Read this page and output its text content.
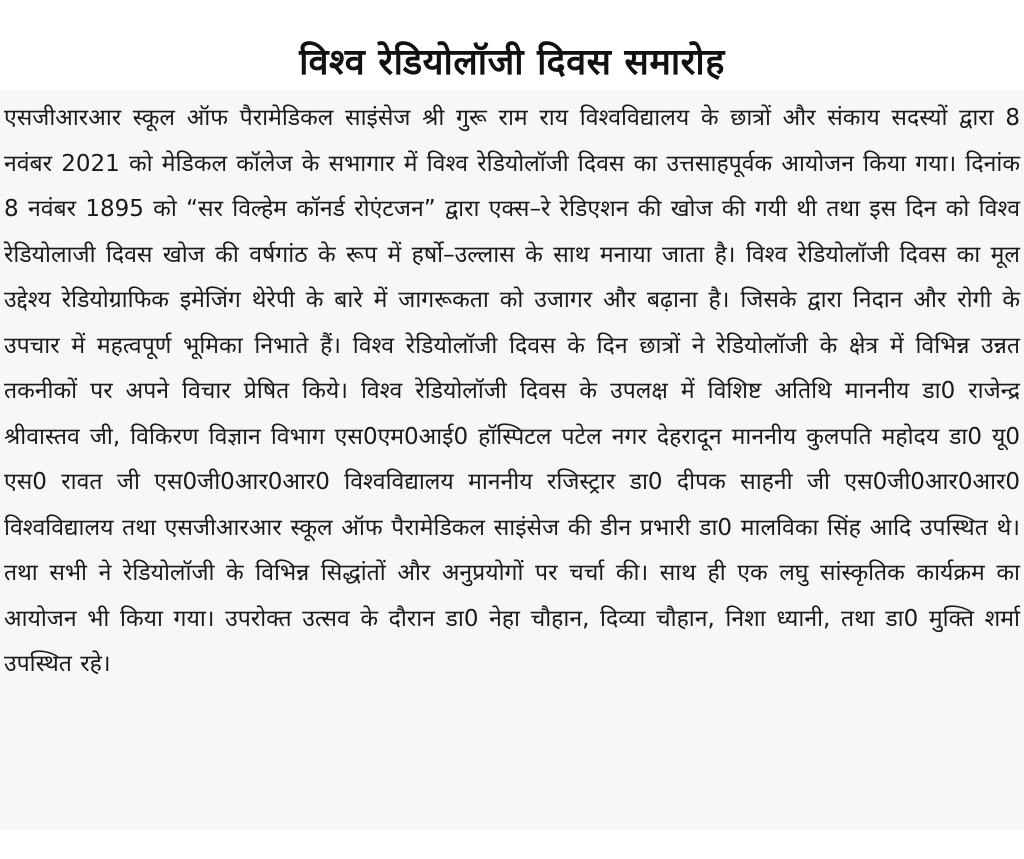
विश्व रेडियोलॉजी दिवस समारोह

एसजीआरआर स्कूल ऑफ पैरामेडिकल साइंसेज श्री गुरू राम राय विश्वविद्यालय के छात्रों और संकाय सदस्यों द्वारा 8 नवंबर 2021 को मेडिकल कॉलेज के सभागार में विश्व रेडियोलॉजी दिवस का उत्तसाहपूर्वक आयोजन किया गया। दिनांक 8 नवंबर 1895 को “सर विल्हेम कॉनर्ड रोएंटजन” द्वारा एक्स–रे रेडिएशन की खोज की गयी थी तथा इस दिन को विश्व रेडियोलाजी दिवस खोज की वर्षगांठ के रूप में हर्षो–उल्लास के साथ मनाया जाता है। विश्व रेडियोलॉजी दिवस का मूल उद्देश्य रेडियोग्राफिक इमेजिंग थेरेपी के बारे में जागरूकता को उजागर और बढ़ाना है। जिसके द्वारा निदान और रोगी के उपचार में महत्वपूर्ण भूमिका निभाते हैं। विश्व रेडियोलॉजी दिवस के दिन छात्रों ने रेडियोलॉजी के क्षेत्र में विभिन्न उन्नत तकनीकों पर अपने विचार प्रेषित किये। विश्व रेडियोलॉजी दिवस के उपलक्ष में विशिष्ट अतिथि माननीय डा0 राजेन्द्र श्रीवास्तव जी, विकिरण विज्ञान विभाग एस0एम0आई0 हॉस्पिटल पटेल नगर देहरादून माननीय कुलपति महोदय डा0 यू0 एस0 रावत जी एस0जी0आर0आर0 विश्वविद्यालय माननीय रजिस्ट्रार डा0 दीपक साहनी जी एस0जी0आर0आर0 विश्वविद्यालय तथा एसजीआरआर स्कूल ऑफ पैरामेडिकल साइंसेज की डीन प्रभारी डा0 मालविका सिंह आदि उपस्थित थे। तथा सभी ने रेडियोलॉजी के विभिन्न सिद्धांतों और अनुप्रयोगों पर चर्चा की। साथ ही एक लघु सांस्कृतिक कार्यक्रम का आयोजन भी किया गया। उपरोक्त उत्सव के दौरान डा0 नेहा चौहान, दिव्या चौहान, निशा ध्यानी, तथा डा0 मुक्ति शर्मा उपस्थित रहे।
